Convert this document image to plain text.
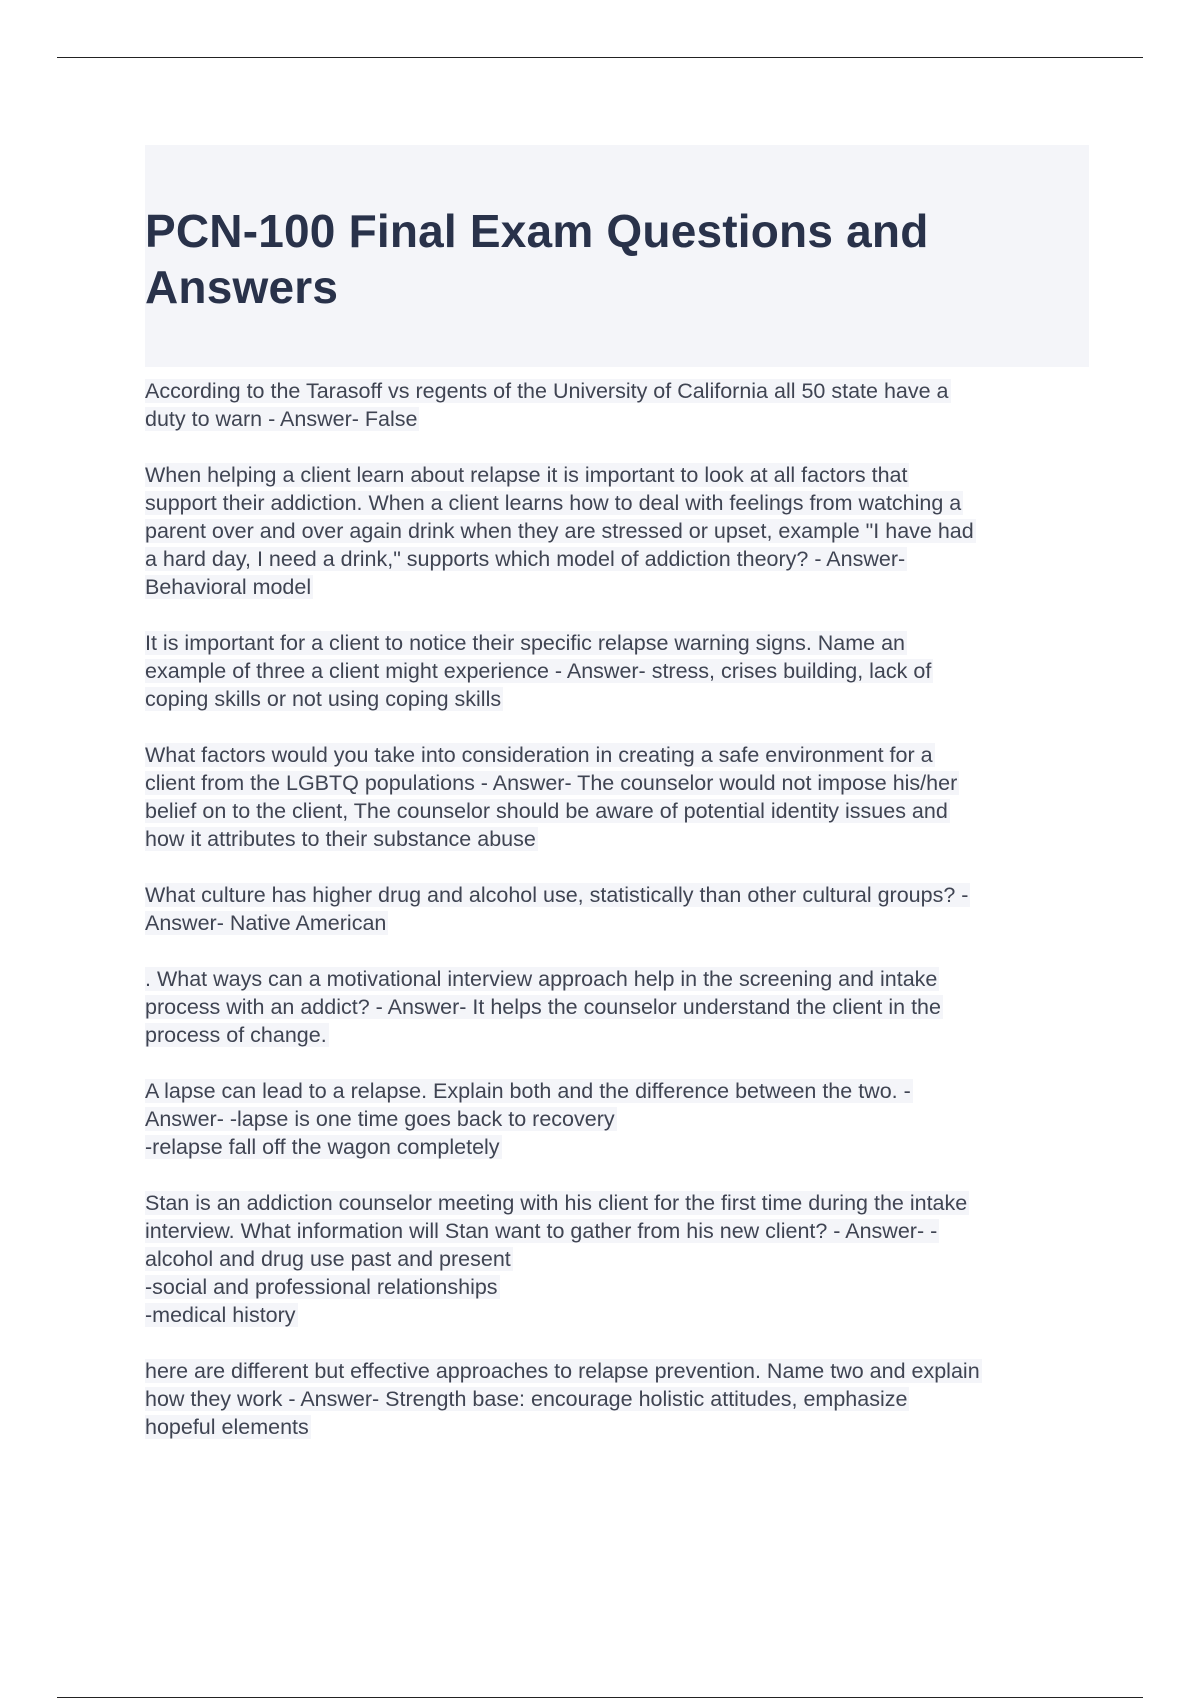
PCN-100 Final Exam Questions and
Answers
According to the Tarasoff vs regents of the University of California all 50 state have a
duty to warn - Answer- False
When helping a client learn about relapse it is important to look at all factors that
support their addiction. When a client learns how to deal with feelings from watching a
parent over and over again drink when they are stressed or upset, example "I have had
a hard day, I need a drink," supports which model of addiction theory? - Answer-
Behavioral model
It is important for a client to notice their specific relapse warning signs. Name an
example of three a client might experience - Answer- stress, crises building, lack of
coping skills or not using coping skills
What factors would you take into consideration in creating a safe environment for a
client from the LGBTQ populations - Answer- The counselor would not impose his/her
belief on to the client, The counselor should be aware of potential identity issues and
how it attributes to their substance abuse
What culture has higher drug and alcohol use, statistically than other cultural groups? -
Answer- Native American
. What ways can a motivational interview approach help in the screening and intake
process with an addict? - Answer- It helps the counselor understand the client in the
process of change.
A lapse can lead to a relapse. Explain both and the difference between the two. -
Answer- -lapse is one time goes back to recovery
-relapse fall off the wagon completely
Stan is an addiction counselor meeting with his client for the first time during the intake
interview. What information will Stan want to gather from his new client? - Answer- -
alcohol and drug use past and present
-social and professional relationships
-medical history
here are different but effective approaches to relapse prevention. Name two and explain
how they work - Answer- Strength base: encourage holistic attitudes, emphasize
hopeful elements
